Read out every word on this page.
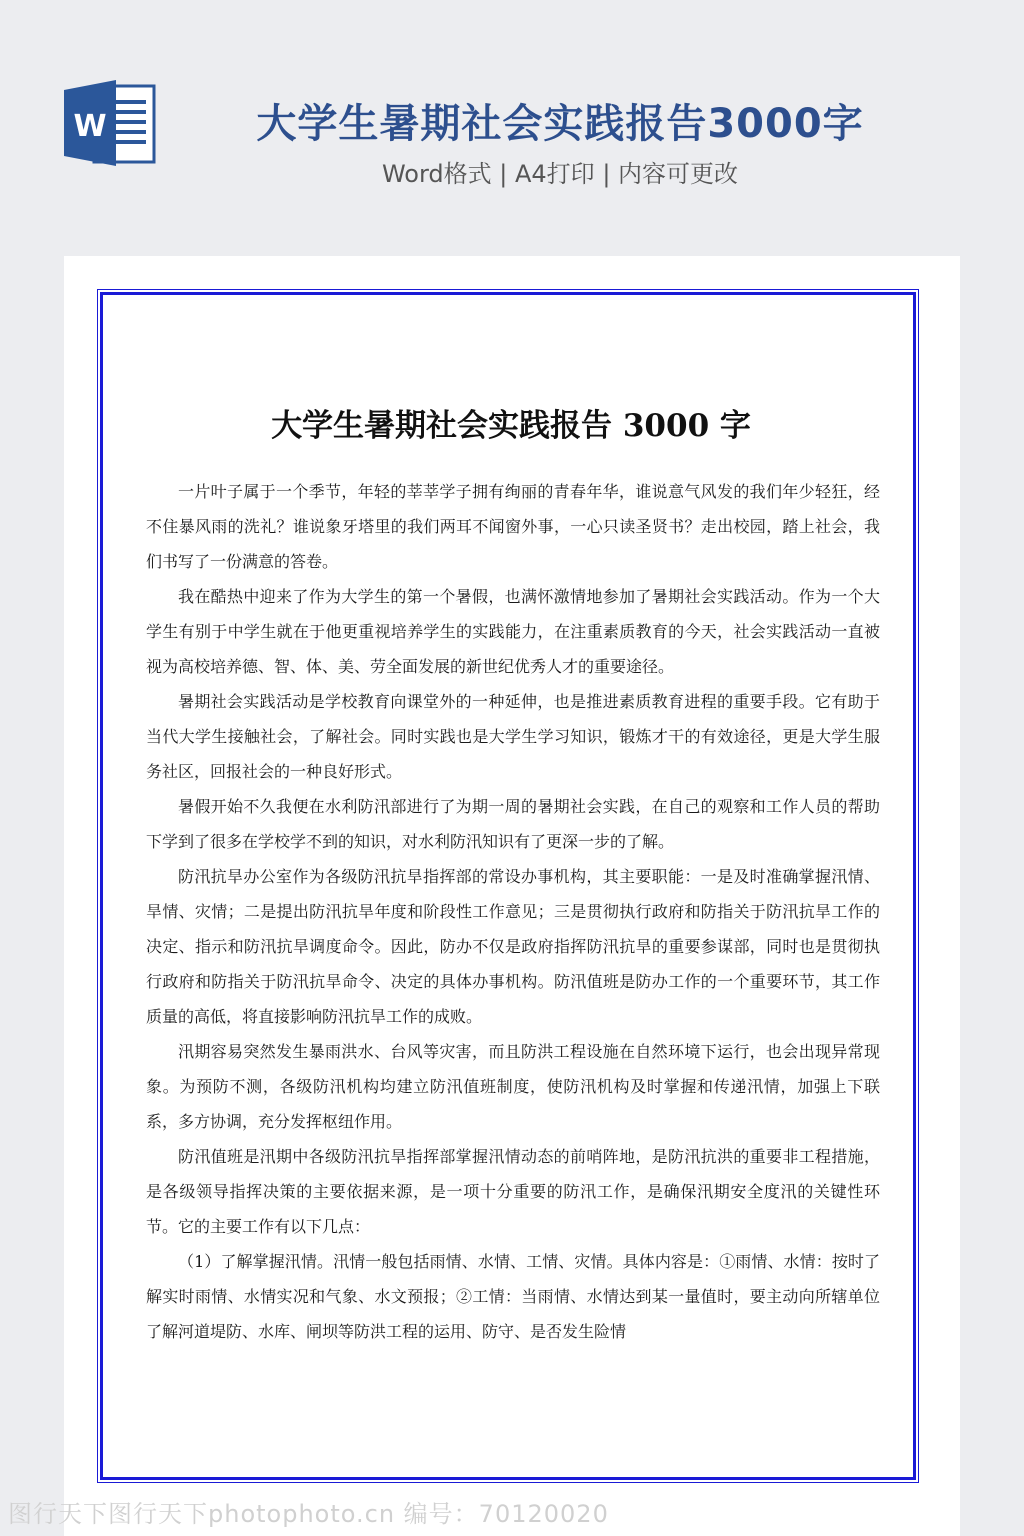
W	大学生暑期社会实践报告3000字
Word格式 | A4打印 | 内容可更改
大学生暑期社会实践报告 3000 字

一片叶子属于一个季节，年轻的莘莘学子拥有绚丽的青春年华，谁说意气风发的我们年少轻狂，经不住暴风雨的洗礼？谁说象牙塔里的我们两耳不闻窗外事，一心只读圣贤书？走出校园，踏上社会，我们书写了一份满意的答卷。

我在酷热中迎来了作为大学生的第一个暑假，也满怀激情地参加了暑期社会实践活动。作为一个大学生有别于中学生就在于他更重视培养学生的实践能力，在注重素质教育的今天，社会实践活动一直被视为高校培养德、智、体、美、劳全面发展的新世纪优秀人才的重要途径。

暑期社会实践活动是学校教育向课堂外的一种延伸，也是推进素质教育进程的重要手段。它有助于当代大学生接触社会，了解社会。同时实践也是大学生学习知识，锻炼才干的有效途径，更是大学生服务社区，回报社会的一种良好形式。

暑假开始不久我便在水利防汛部进行了为期一周的暑期社会实践，在自己的观察和工作人员的帮助下学到了很多在学校学不到的知识，对水利防汛知识有了更深一步的了解。

防汛抗旱办公室作为各级防汛抗旱指挥部的常设办事机构，其主要职能：一是及时准确掌握汛情、旱情、灾情；二是提出防汛抗旱年度和阶段性工作意见；三是贯彻执行政府和防指关于防汛抗旱工作的决定、指示和防汛抗旱调度命令。因此，防办不仅是政府指挥防汛抗旱的重要参谋部，同时也是贯彻执行政府和防指关于防汛抗旱命令、决定的具体办事机构。防汛值班是防办工作的一个重要环节，其工作质量的高低，将直接影响防汛抗旱工作的成败。

汛期容易突然发生暴雨洪水、台风等灾害，而且防洪工程设施在自然环境下运行，也会出现异常现象。为预防不测，各级防汛机构均建立防汛值班制度，使防汛机构及时掌握和传递汛情，加强上下联系，多方协调，充分发挥枢纽作用。

防汛值班是汛期中各级防汛抗旱指挥部掌握汛情动态的前哨阵地，是防汛抗洪的重要非工程措施，是各级领导指挥决策的主要依据来源，是一项十分重要的防汛工作，是确保汛期安全度汛的关键性环节。它的主要工作有以下几点：

（1）了解掌握汛情。汛情一般包括雨情、水情、工情、灾情。具体内容是：①雨情、水情：按时了解实时雨情、水情实况和气象、水文预报；②工情：当雨情、水情达到某一量值时，要主动向所辖单位了解河道堤防、水库、闸坝等防洪工程的运用、防守、是否发生险情

图行天下图行天下photophoto.cn 编号：70120020
